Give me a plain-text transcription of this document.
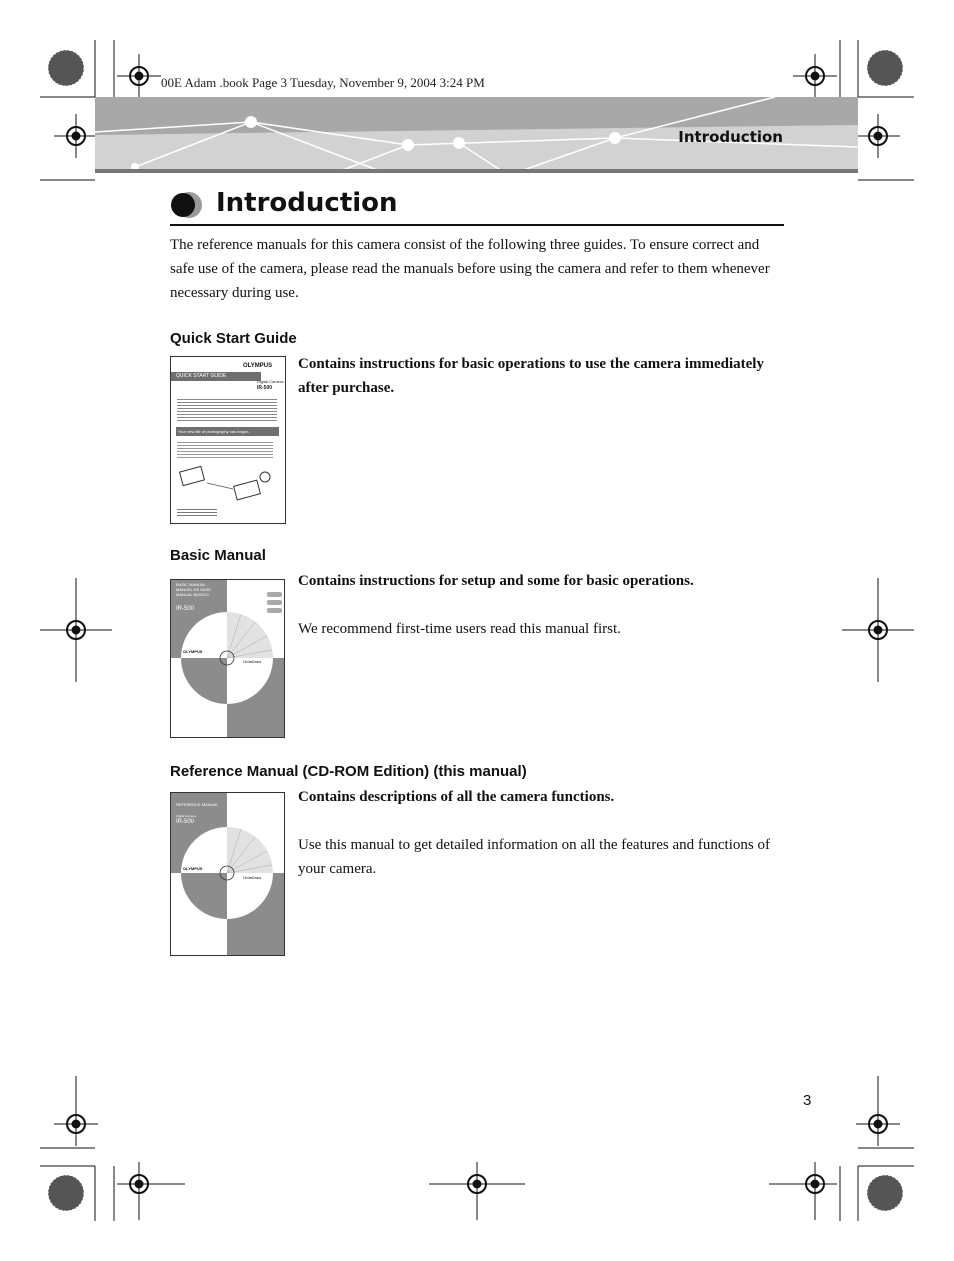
00E Adam .book Page 3 Tuesday, November 9, 2004 3:24 PM
Introduction
Introduction
The reference manuals for this camera consist of the following three guides. To ensure correct and safe use of the camera, please read the manuals before using the camera and refer to them whenever necessary during use.
Quick Start Guide
OLYMPUS
QUICK START GUIDE
Digital Camera
IR-500
Your new life of photography has begun.
Contains instructions for basic operations to use the camera immediately after purchase.
Basic Manual
BASIC MANUAL
MANUEL DE BASE
MANUAL BASICO
IR-500
OLYMPUS
OrdaDraw
Contains instructions for setup and some for basic operations.
We recommend first-time users read this manual first.
Reference Manual (CD-ROM Edition) (this manual)
REFERENCE MANUAL
Digital Camera
IR-500
OLYMPUS
OrdaDraw
Contains descriptions of all the camera functions.
Use this manual to get detailed information on all the features and functions of your camera.
3
